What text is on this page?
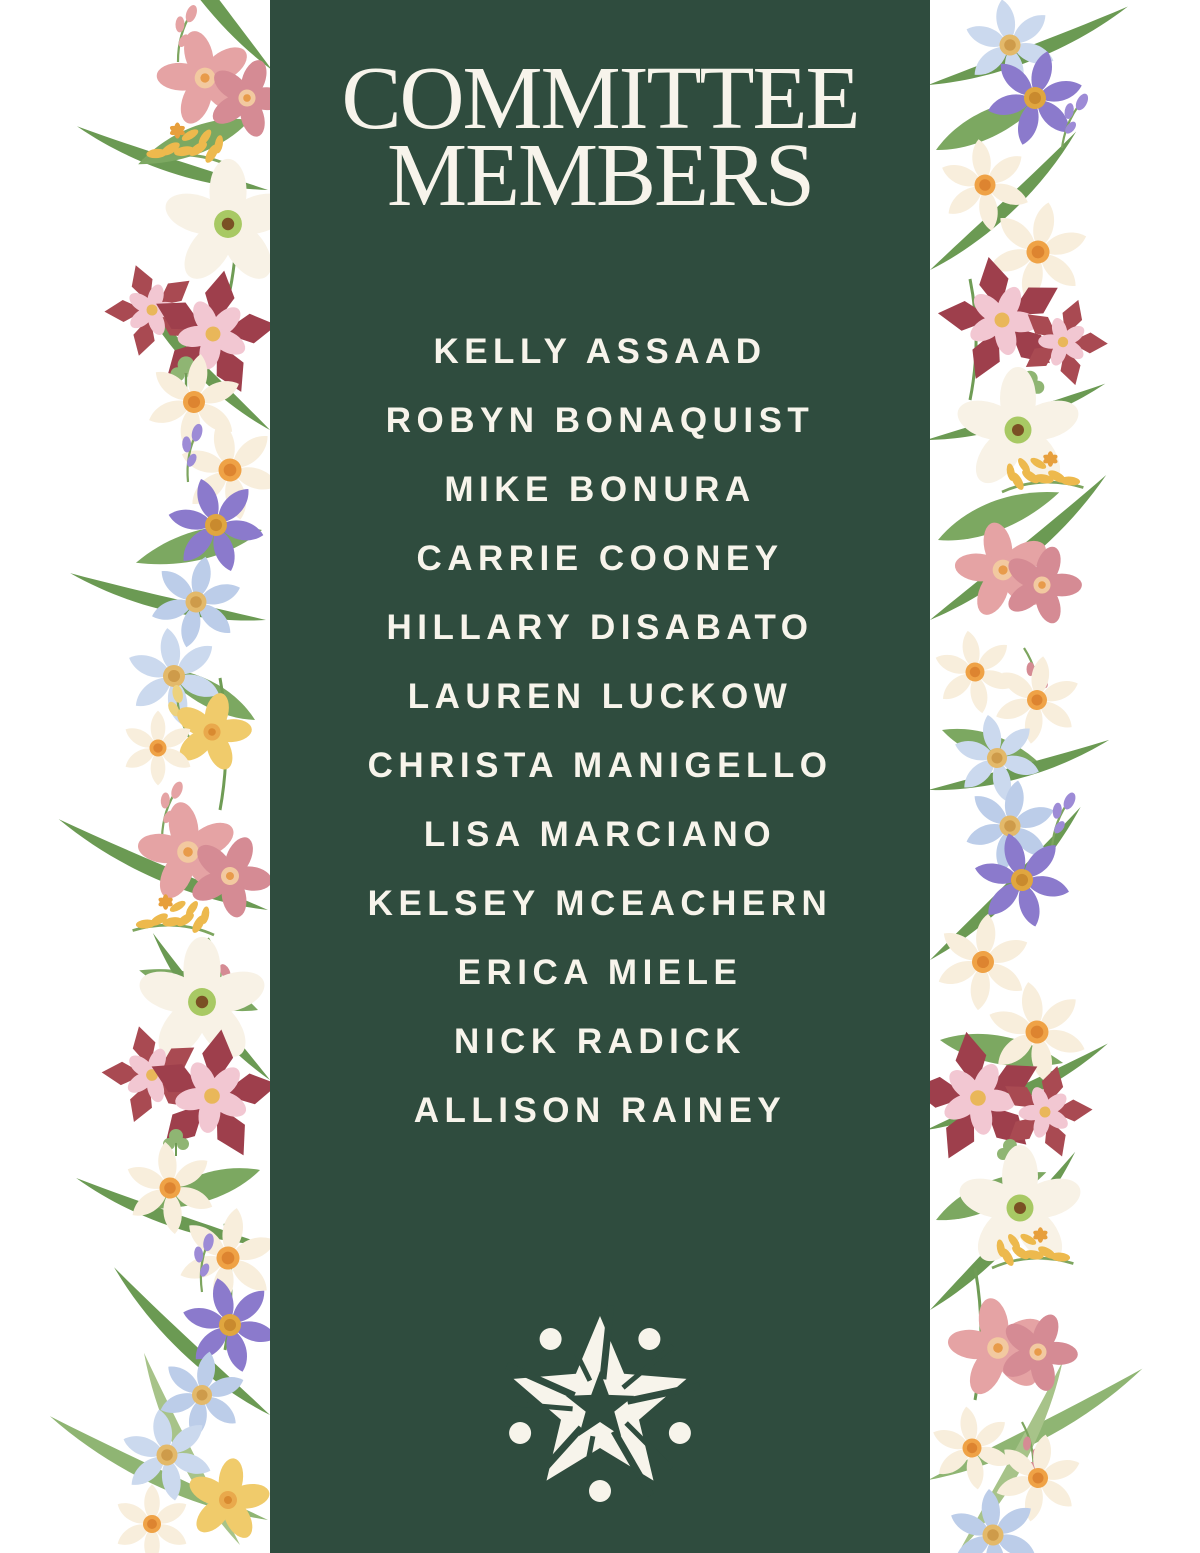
COMMITTEE
MEMBERS
KELLY ASSAAD
ROBYN BONAQUIST
MIKE BONURA
CARRIE COONEY
HILLARY DISABATO
LAUREN LUCKOW
CHRISTA MANIGELLO
LISA MARCIANO
KELSEY MCEACHERN
ERICA MIELE
NICK RADICK
ALLISON RAINEY
